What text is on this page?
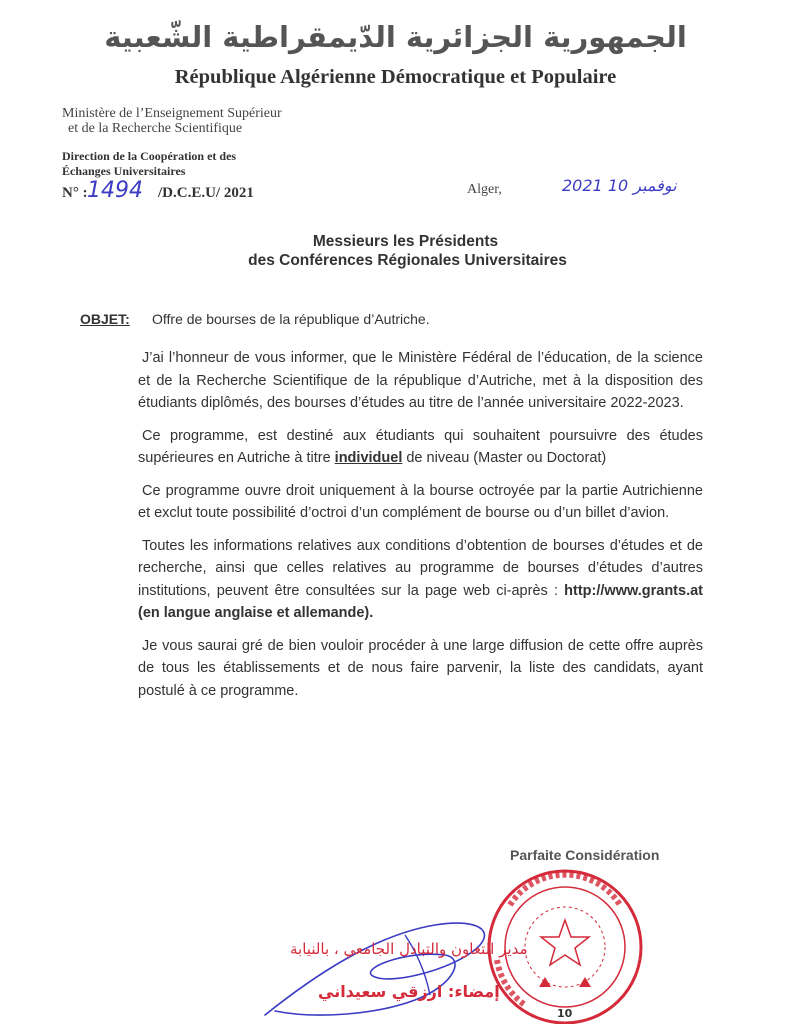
الجمهورية الجزائرية الدّيمقراطية الشّعبية
République Algérienne Démocratique et Populaire
Ministère de l’Enseignement Supérieur
et de la Recherche Scientifique
Direction de la Coopération et des
Échanges Universitaires
N° : 1494 /D.C.E.U/ 2021	Alger,	2021 نوفمبر 10
Messieurs les Présidents
des Conférences Régionales Universitaires
OBJET: Offre de bourses de la république d’Autriche.

J’ai l’honneur de vous informer, que le Ministère Fédéral de l’éducation, de la science et de la Recherche Scientifique de la république d’Autriche, met à la disposition des étudiants diplômés, des bourses d’études au titre de l’année universitaire 2022-2023.

Ce programme, est destiné aux étudiants qui souhaitent poursuivre des études supérieures en Autriche à titre individuel de niveau (Master ou Doctorat)

Ce programme ouvre droit uniquement à la bourse octroyée par la partie Autrichienne et exclut toute possibilité d’octroi d’un complément de bourse ou d’un billet d’avion.

Toutes les informations relatives aux conditions d’obtention de bourses d’études et de recherche, ainsi que celles relatives au programme de bourses d’études d’autres institutions, peuvent être consultées sur la page web ci-après : http://www.grants.at (en langue anglaise et allemande).

Je vous saurai gré de bien vouloir procéder à une large diffusion de cette offre auprès de tous les établissements et de nous faire parvenir, la liste des candidats, ayant postulé à ce programme.

Parfaite Considération
مدير التعاون والتبادل الجامعي ، بالنيابة
إمضاء: ارزقي سعيداني
10
